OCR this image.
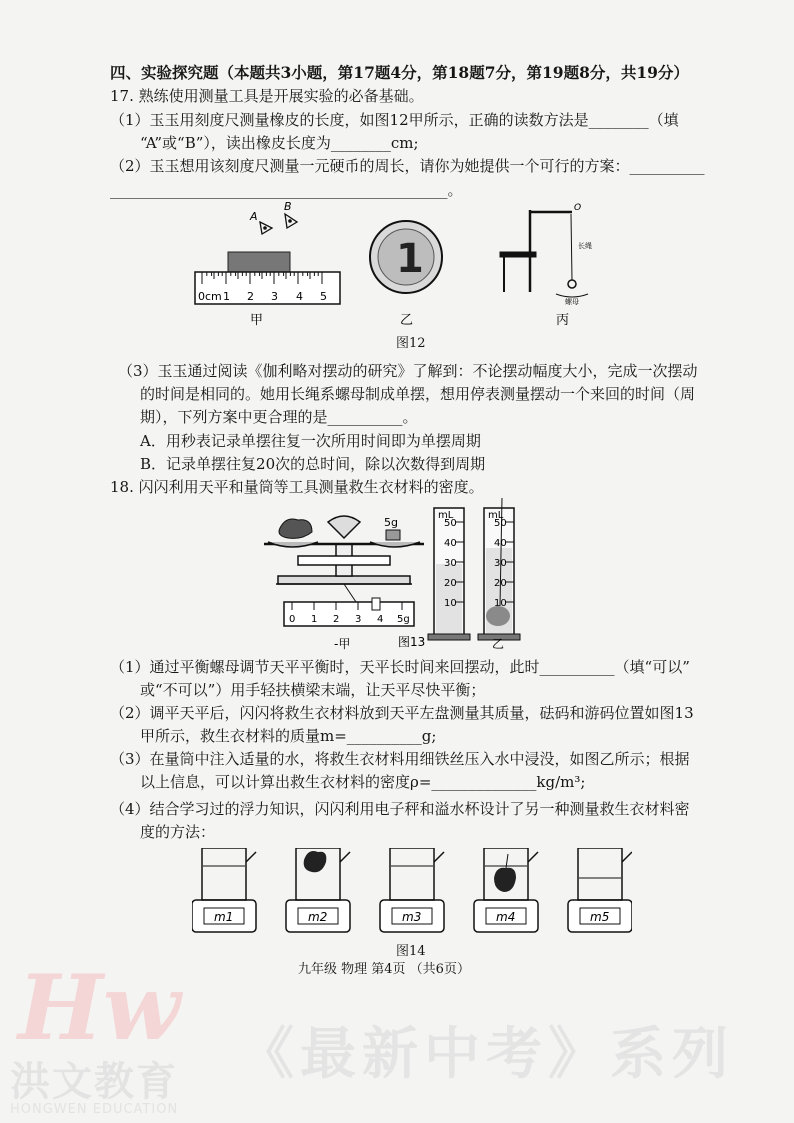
Hw
洪文教育
HONGWEN EDUCATION
《最新中考》系列
四、实验探究题（本题共3小题，第17题4分，第18题7分，第19题8分，共19分）
17. 熟练使用测量工具是开展实验的必备基础。
（1）玉玉用刻度尺测量橡皮的长度，如图12甲所示，正确的读数方法是________（填
“A”或“B”），读出橡皮长度为________cm;
（2）玉玉想用该刻度尺测量一元硬币的周长，请你为她提供一个可行的方案：__________
_____________________________________________。
0cm 1 2 3 4 5
A
B
甲
1
乙
O
长绳
螺母
丙
图12
（3）玉玉通过阅读《伽利略对摆动的研究》了解到：不论摆动幅度大小，完成一次摆动
的时间是相同的。她用长绳系螺母制成单摆，想用停表测量摆动一个来回的时间（周
期），下列方案中更合理的是__________。
A．用秒表记录单摆往复一次所用时间即为单摆周期
B．记录单摆往复20次的总时间，除以次数得到周期
18. 闪闪利用天平和量筒等工具测量救生衣材料的密度。
5g
0 1 2 3 4 5g
-甲
mL
50
40
30
20
10
mL
50
40
30
20
10
乙
图13
（1）通过平衡螺母调节天平平衡时，天平长时间来回摆动，此时__________（填“可以”
或“不可以”）用手轻扶横梁末端，让天平尽快平衡；
（2）调平天平后，闪闪将救生衣材料放到天平左盘测量其质量，砝码和游码位置如图13
甲所示，救生衣材料的质量m=__________g;
（3）在量筒中注入适量的水，将救生衣材料用细铁丝压入水中浸没，如图乙所示；根据
以上信息，可以计算出救生衣材料的密度ρ=______________kg/m³;
（4）结合学习过的浮力知识，闪闪利用电子秤和溢水杯设计了另一种测量救生衣材料密
度的方法：
m1	m2	m3	m4	m5
图14
九年级 物理 第4页 （共6页）
